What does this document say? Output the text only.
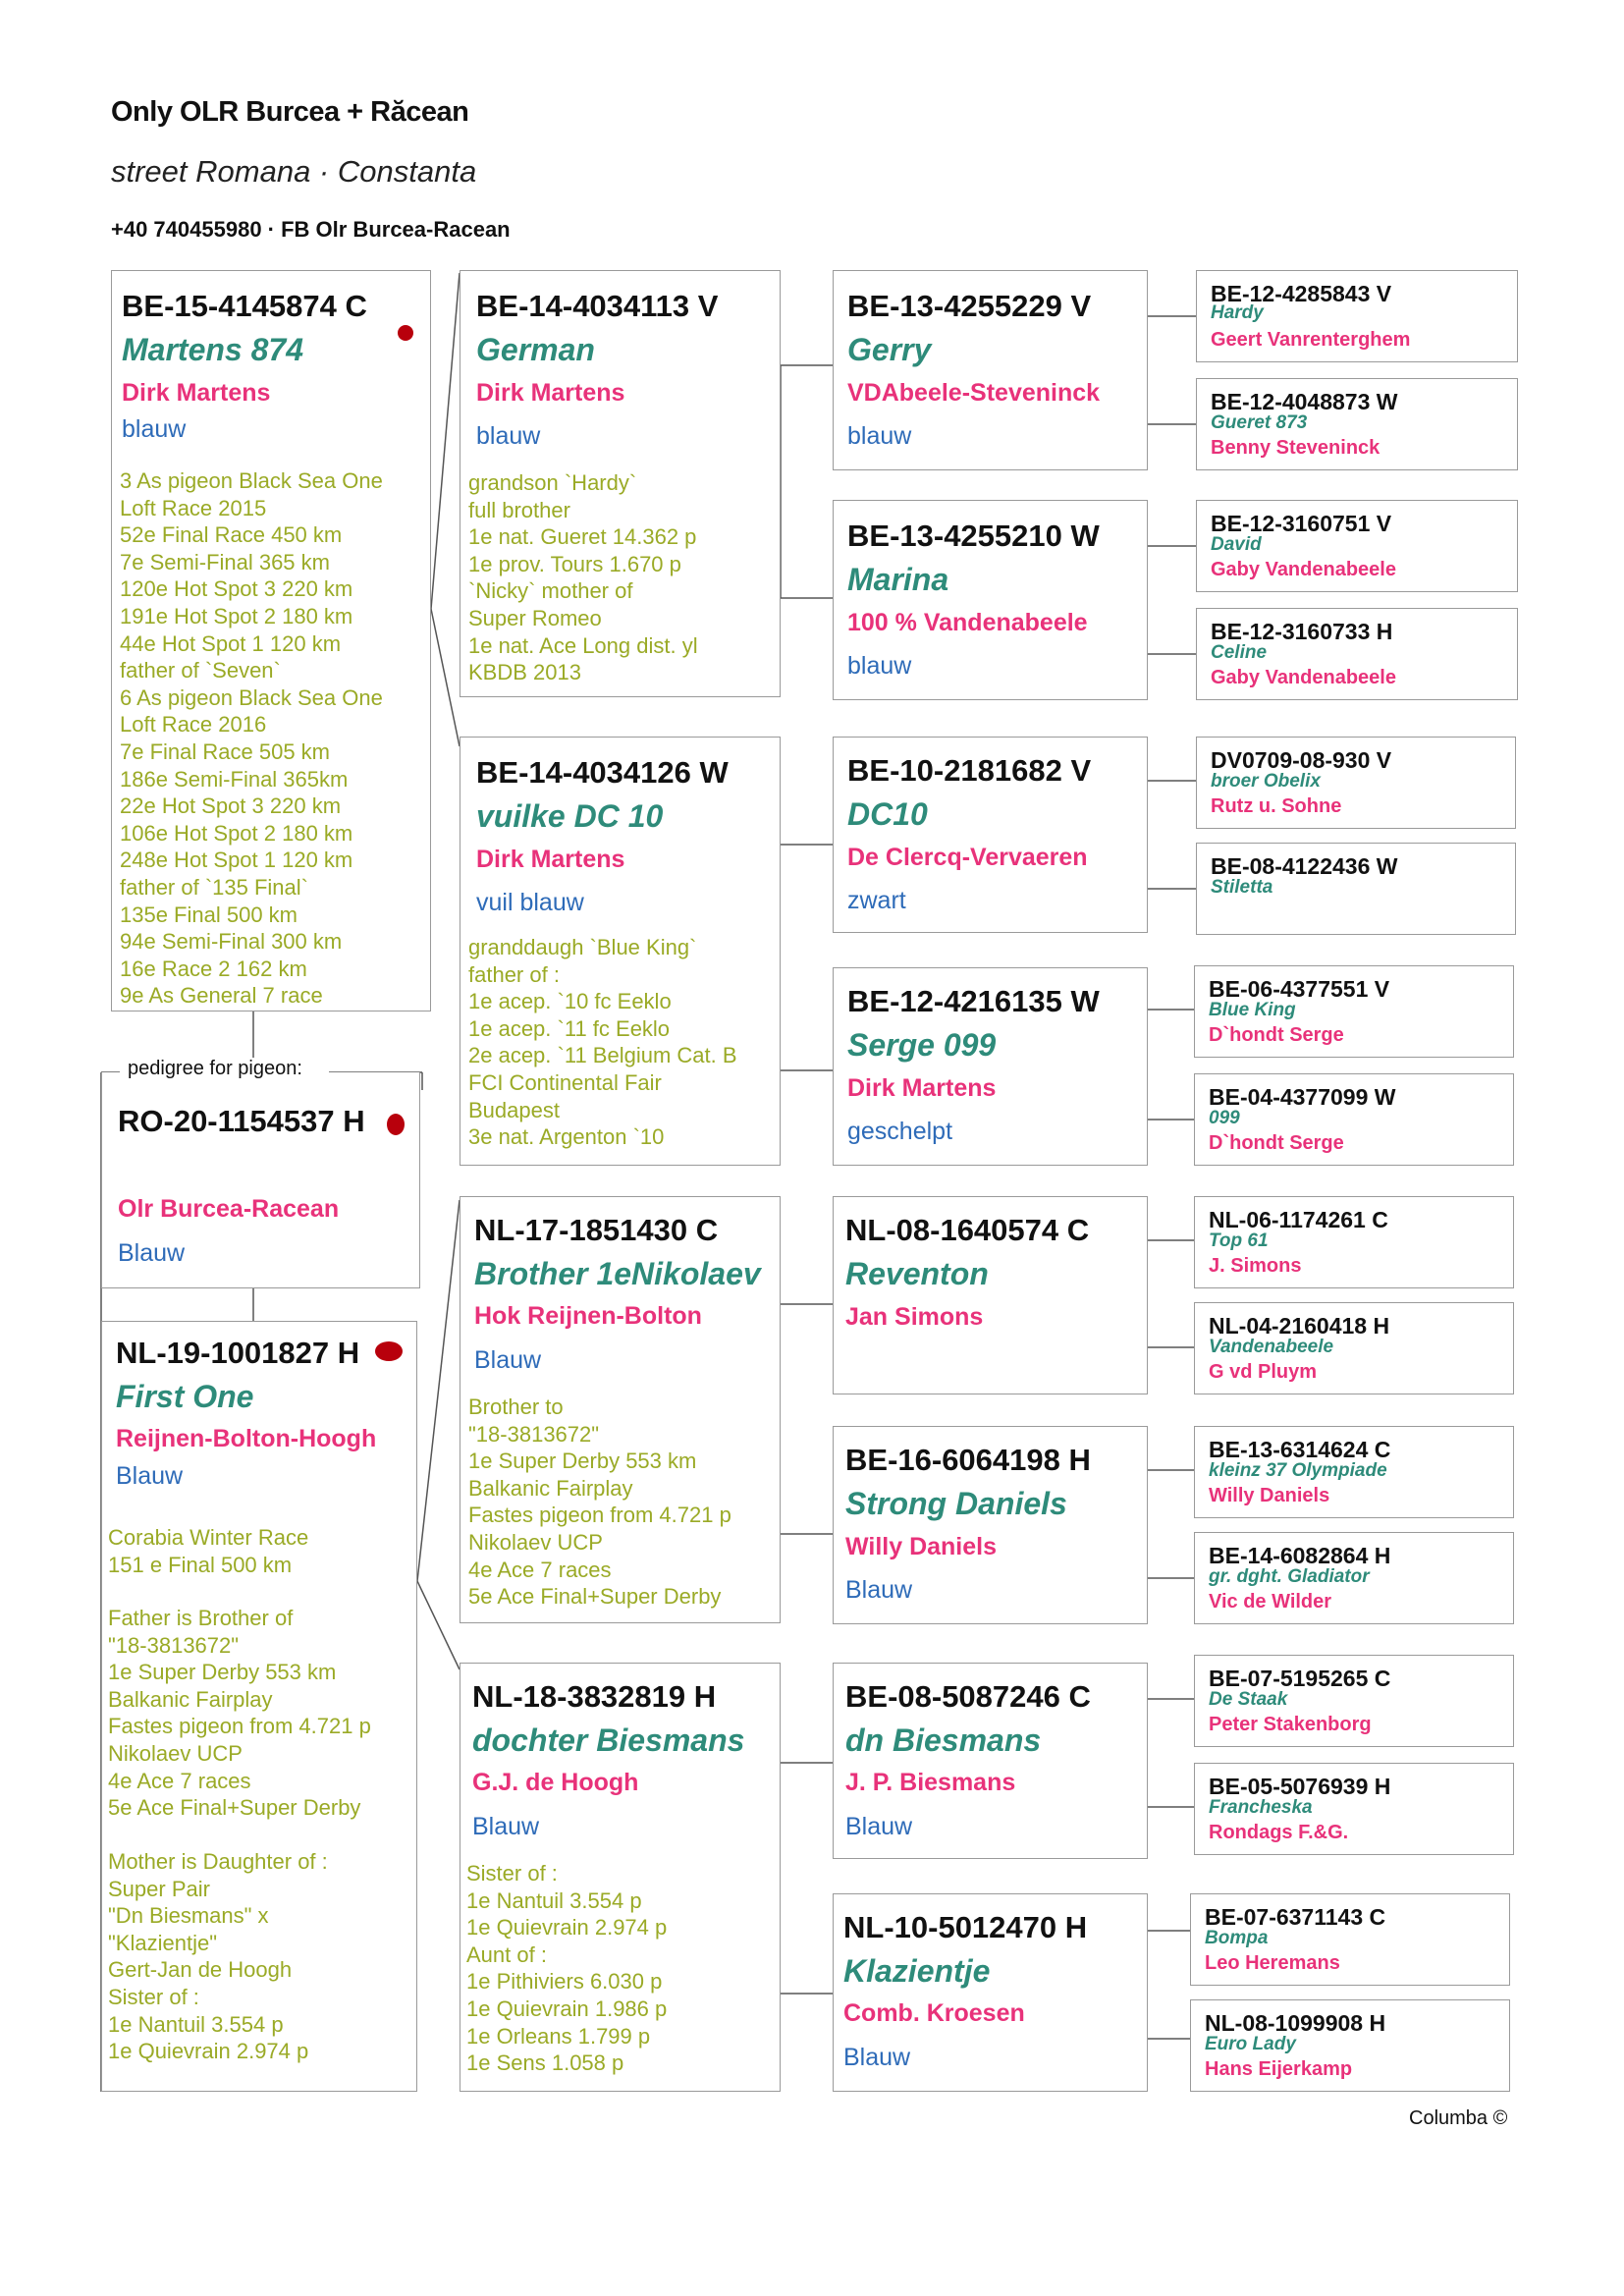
Only OLR Burcea + Răcean
street Romana · Constanta
+40 740455980 · FB Olr Burcea-Racean
BE-15-4145874 C
Martens 874
Dirk Martens
blauw
3 As pigeon Black Sea One
Loft Race 2015
52e Final Race 450 km
7e Semi-Final 365 km
120e Hot Spot 3 220 km
191e Hot Spot 2 180 km
44e Hot Spot 1 120 km
father of `Seven`
6 As pigeon Black Sea One
Loft Race 2016
7e Final Race 505 km
186e Semi-Final 365km
22e Hot Spot 3 220 km
106e Hot Spot 2 180 km
248e Hot Spot 1 120 km
father of `135 Final`
135e Final 500 km
94e Semi-Final 300 km
16e Race 2 162 km
9e As General 7 race
RO-20-1154537 H
Olr Burcea-Racean
Blauw
pedigree for pigeon:
NL-19-1001827 H
First One
Reijnen-Bolton-Hoogh
Blauw
Corabia Winter Race
151 e Final 500 km
Father is Brother of
"18-3813672"
1e Super Derby 553 km
Balkanic Fairplay
Fastes pigeon from 4.721 p
Nikolaev UCP
4e Ace 7 races
5e Ace Final+Super Derby
Mother is Daughter of :
Super Pair
"Dn Biesmans" x
"Klazientje"
Gert-Jan de Hoogh
Sister of :
1e Nantuil 3.554 p
1e Quievrain 2.974 p
BE-14-4034113 V
German
Dirk Martens
blauw
grandson `Hardy`
full brother
1e nat. Gueret 14.362 p
1e prov. Tours 1.670 p
`Nicky` mother of
Super Romeo
1e nat. Ace Long dist. yl
KBDB 2013
BE-14-4034126 W
vuilke DC 10
Dirk Martens
vuil blauw
granddaugh `Blue King`
father of :
1e acep. `10 fc Eeklo
1e acep. `11 fc Eeklo
2e acep. `11 Belgium Cat. B
FCI Continental Fair
Budapest
3e nat. Argenton `10
NL-17-1851430 C
Brother 1eNikolaev
Hok Reijnen-Bolton
Blauw
Brother to
"18-3813672"
1e Super Derby 553 km
Balkanic Fairplay
Fastes pigeon from 4.721 p
Nikolaev UCP
4e Ace 7 races
5e Ace Final+Super Derby
NL-18-3832819 H
dochter Biesmans
G.J. de Hoogh
Blauw
Sister of :
1e Nantuil 3.554 p
1e Quievrain 2.974 p
Aunt of :
1e Pithiviers 6.030 p
1e Quievrain 1.986 p
1e Orleans 1.799 p
1e Sens 1.058 p
BE-13-4255229 V
Gerry
VDAbeele-Steveninck
blauw
BE-13-4255210 W
Marina
100 % Vandenabeele
blauw
BE-10-2181682 V
DC10
De Clercq-Vervaeren
zwart
BE-12-4216135 W
Serge 099
Dirk Martens
geschelpt
NL-08-1640574 C
Reventon
Jan Simons
BE-16-6064198 H
Strong Daniels
Willy Daniels
Blauw
BE-08-5087246 C
dn Biesmans
J. P. Biesmans
Blauw
NL-10-5012470 H
Klazientje
Comb. Kroesen
Blauw
BE-12-4285843 V
Hardy
Geert Vanrenterghem
BE-12-4048873 W
Gueret 873
Benny Steveninck
BE-12-3160751 V
David
Gaby Vandenabeele
BE-12-3160733 H
Celine
Gaby Vandenabeele
DV0709-08-930 V
broer Obelix
Rutz u. Sohne
BE-08-4122436 W
Stiletta
BE-06-4377551 V
Blue King
D`hondt Serge
BE-04-4377099 W
099
D`hondt Serge
NL-06-1174261 C
Top 61
J. Simons
NL-04-2160418 H
Vandenabeele
G vd Pluym
BE-13-6314624 C
kleinz 37 Olympiade
Willy Daniels
BE-14-6082864 H
gr. dght. Gladiator
Vic de Wilder
BE-07-5195265 C
De Staak
Peter Stakenborg
BE-05-5076939 H
Francheska
Rondags F.&G.
BE-07-6371143 C
Bompa
Leo Heremans
NL-08-1099908 H
Euro Lady
Hans Eijerkamp
Columba ©
